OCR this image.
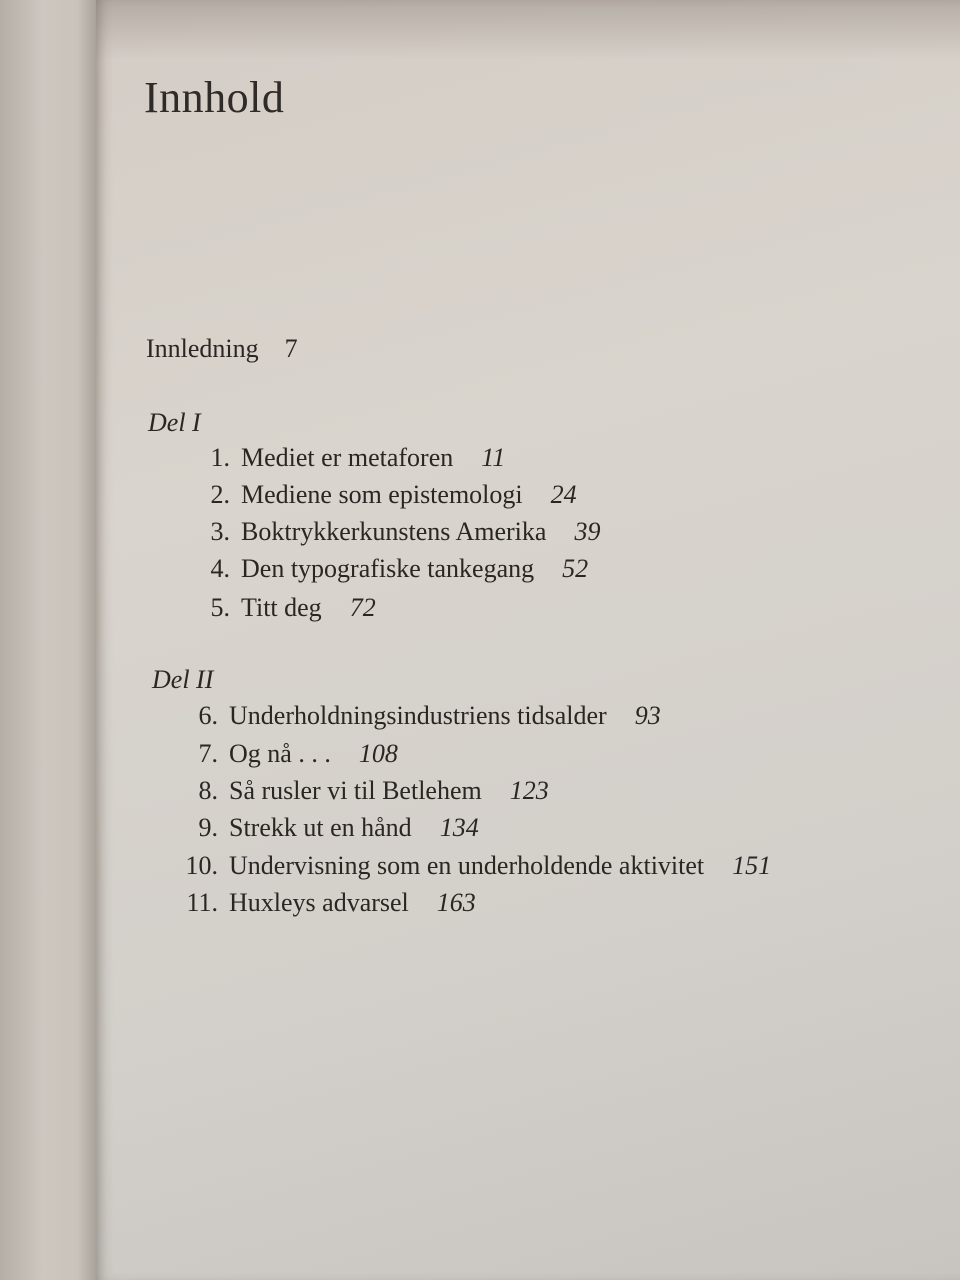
Innhold
Innledning 7
Del I
1. Mediet er metaforen 11
2. Mediene som epistemologi 24
3. Boktrykkerkunstens Amerika 39
4. Den typografiske tankegang 52
5. Titt deg 72
Del II
6. Underholdningsindustriens tidsalder 93
7. Og nå . . . 108
8. Så rusler vi til Betlehem 123
9. Strekk ut en hånd 134
10. Undervisning som en underholdende aktivitet 151
11. Huxleys advarsel 163
